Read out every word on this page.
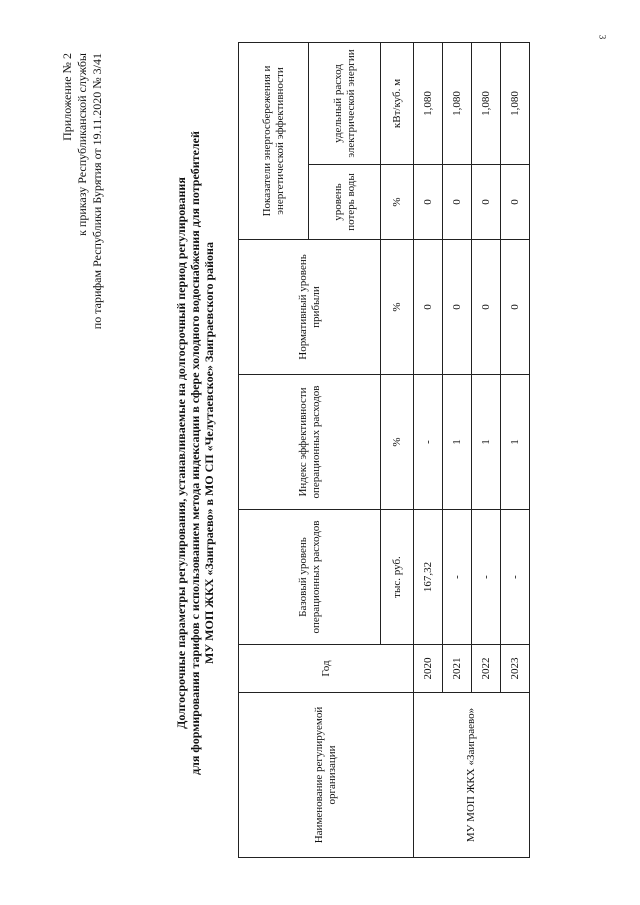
3
Приложение № 2 к приказу Республиканской службы по тарифам Республики Бурятия от 19.11.2020 № 3/41	Долгосрочные параметры регулирования, устанавливаемые на долгосрочный период регулирования для формирования тарифов с использованием метода индексации в сфере холодного водоснабжения для потребителей МУ МОП ЖКХ «Заиграево» в МО СП «Челутаевское» Заиграевского района
Наименование регулируемой организации	Год	Базовый уровень операционных расходов	Индекс эффективности операционных расходов	Нормативный уровень прибыли	Показатели энергосбережения и энергетической эффективности	
					уровень потерь воды	удельный расход электрической энергии
		тыс. руб.	%	%	%	кВт/куб. м
МУ МОП ЖКХ «Заиграево»	2020	167,32	-	0	0	1,080
	2021	-	1	0	0	1,080
	2022	-	1	0	0	1,080
	2023	-	1	0	0	1,080
